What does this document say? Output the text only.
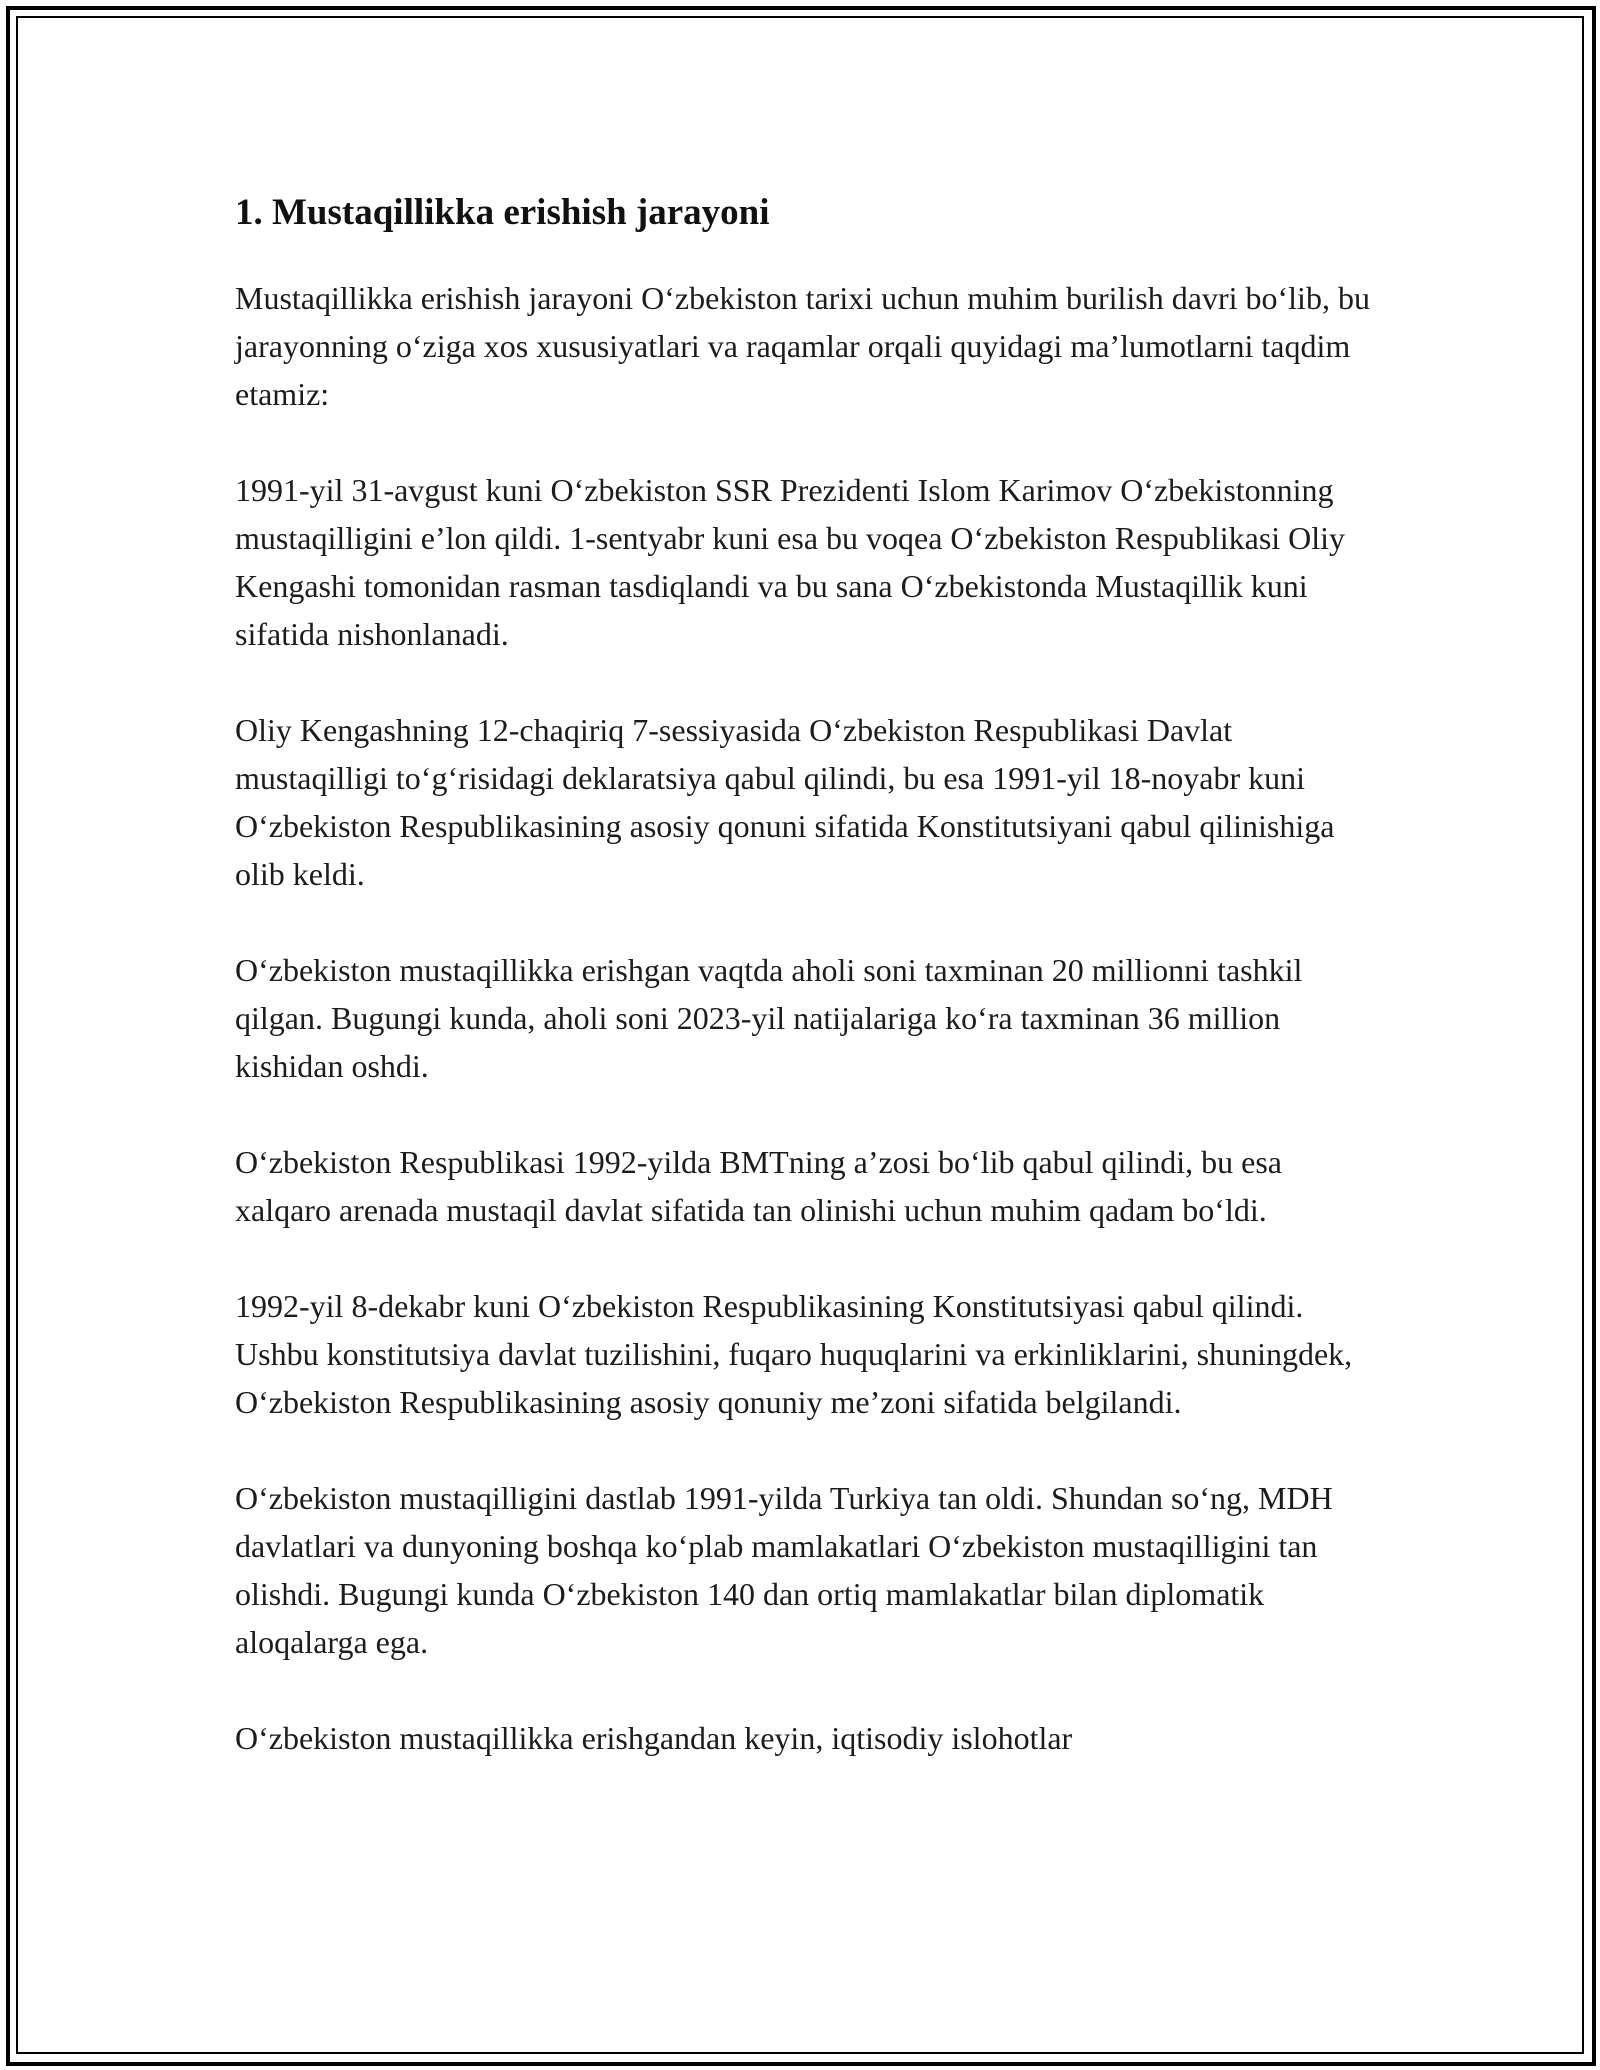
1. Mustaqillikka erishish jarayoni

Mustaqillikka erishish jarayoni O‘zbekiston tarixi uchun muhim burilish davri bo‘lib, bu jarayonning o‘ziga xos xususiyatlari va raqamlar orqali quyidagi ma’lumotlarni taqdim etamiz:

1991-yil 31-avgust kuni O‘zbekiston SSR Prezidenti Islom Karimov O‘zbekistonning mustaqilligini e’lon qildi. 1-sentyabr kuni esa bu voqea O‘zbekiston Respublikasi Oliy Kengashi tomonidan rasman tasdiqlandi va bu sana O‘zbekistonda Mustaqillik kuni sifatida nishonlanadi.

Oliy Kengashning 12-chaqiriq 7-sessiyasida O‘zbekiston Respublikasi Davlat mustaqilligi to‘g‘risidagi deklaratsiya qabul qilindi, bu esa 1991-yil 18-noyabr kuni O‘zbekiston Respublikasining asosiy qonuni sifatida Konstitutsiyani qabul qilinishiga olib keldi.

O‘zbekiston mustaqillikka erishgan vaqtda aholi soni taxminan 20 millionni tashkil qilgan. Bugungi kunda, aholi soni 2023-yil natijalariga ko‘ra taxminan 36 million kishidan oshdi.

O‘zbekiston Respublikasi 1992-yilda BMTning a’zosi bo‘lib qabul qilindi, bu esa xalqaro arenada mustaqil davlat sifatida tan olinishi uchun muhim qadam bo‘ldi.

1992-yil 8-dekabr kuni O‘zbekiston Respublikasining Konstitutsiyasi qabul qilindi. Ushbu konstitutsiya davlat tuzilishini, fuqaro huquqlarini va erkinliklarini, shuningdek, O‘zbekiston Respublikasining asosiy qonuniy me’zoni sifatida belgilandi.

O‘zbekiston mustaqilligini dastlab 1991-yilda Turkiya tan oldi. Shundan so‘ng, MDH davlatlari va dunyoning boshqa ko‘plab mamlakatlari O‘zbekiston mustaqilligini tan olishdi. Bugungi kunda O‘zbekiston 140 dan ortiq mamlakatlar bilan diplomatik aloqalarga ega.

O‘zbekiston mustaqillikka erishgandan keyin, iqtisodiy islohotlar
